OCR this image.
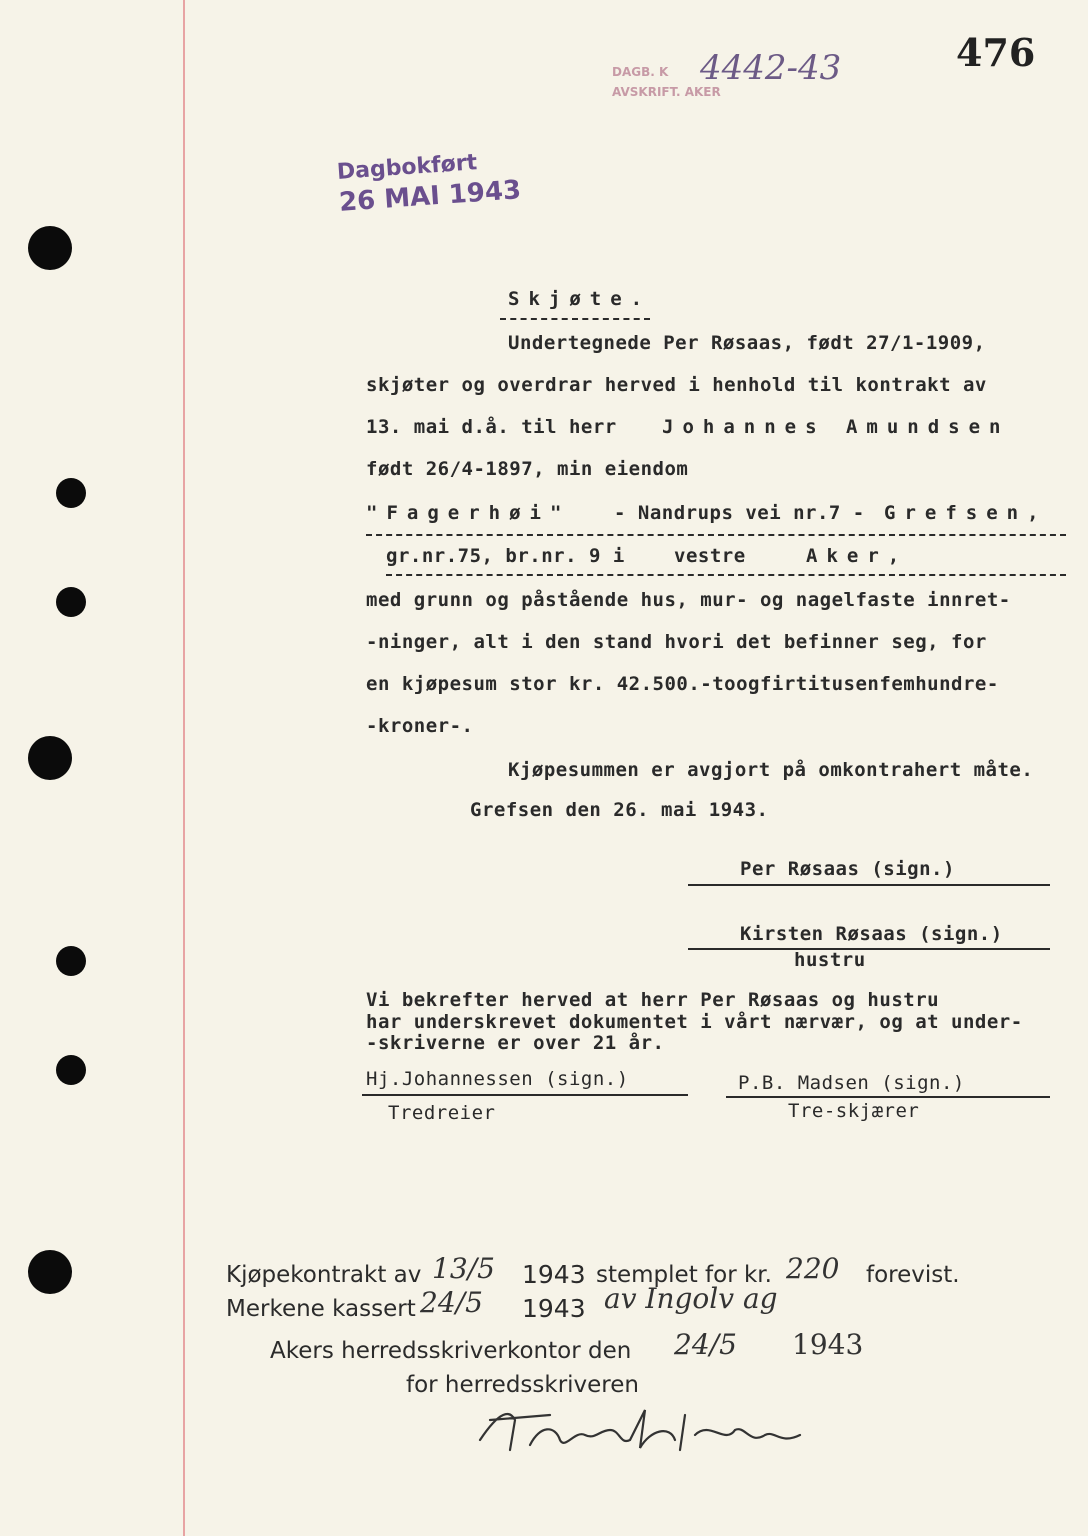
476
DAGB. K
AVSKRIFT. AKER
4442-43
Dagbokført
26 MAI 1943
Skjøte.
Undertegnede Per Røsaas, født 27/1-1909,
skjøter og overdrar herved i henhold til kontrakt av
13. mai d.å. til herr Johannes Amundsen
født 26/4-1897, min eiendom
"Fagerhøi" - Nandrups vei nr.7 - Grefsen,
gr.nr.75, br.nr. 9 i	vestre	Aker,
med grunn og påstående hus, mur- og nagelfaste innret-
-ninger, alt i den stand hvori det befinner seg, for
en kjøpesum stor kr. 42.500.-toogfirtitusenfemhundre-
-kroner-.
Kjøpesummen er avgjort på omkontrahert måte.
Grefsen den 26. mai 1943.
Per Røsaas (sign.)
Kirsten Røsaas (sign.)
hustru
Vi bekrefter herved at herr Per Røsaas og hustru
har underskrevet dokumentet i vårt nærvær, og at under-
-skriverne er over 21 år.
Hj.Johannessen (sign.)
Tredreier
P.B. Madsen (sign.)
Tre-skjærer
Kjøpekontrakt av 13/5 1943 stemplet for kr. 220 forevist.
Merkene kassert 24/5 1943 av Ingolv ag
Akers herredsskriverkontor den 24/5 1943
for herredsskriveren
Thorleif Heien
